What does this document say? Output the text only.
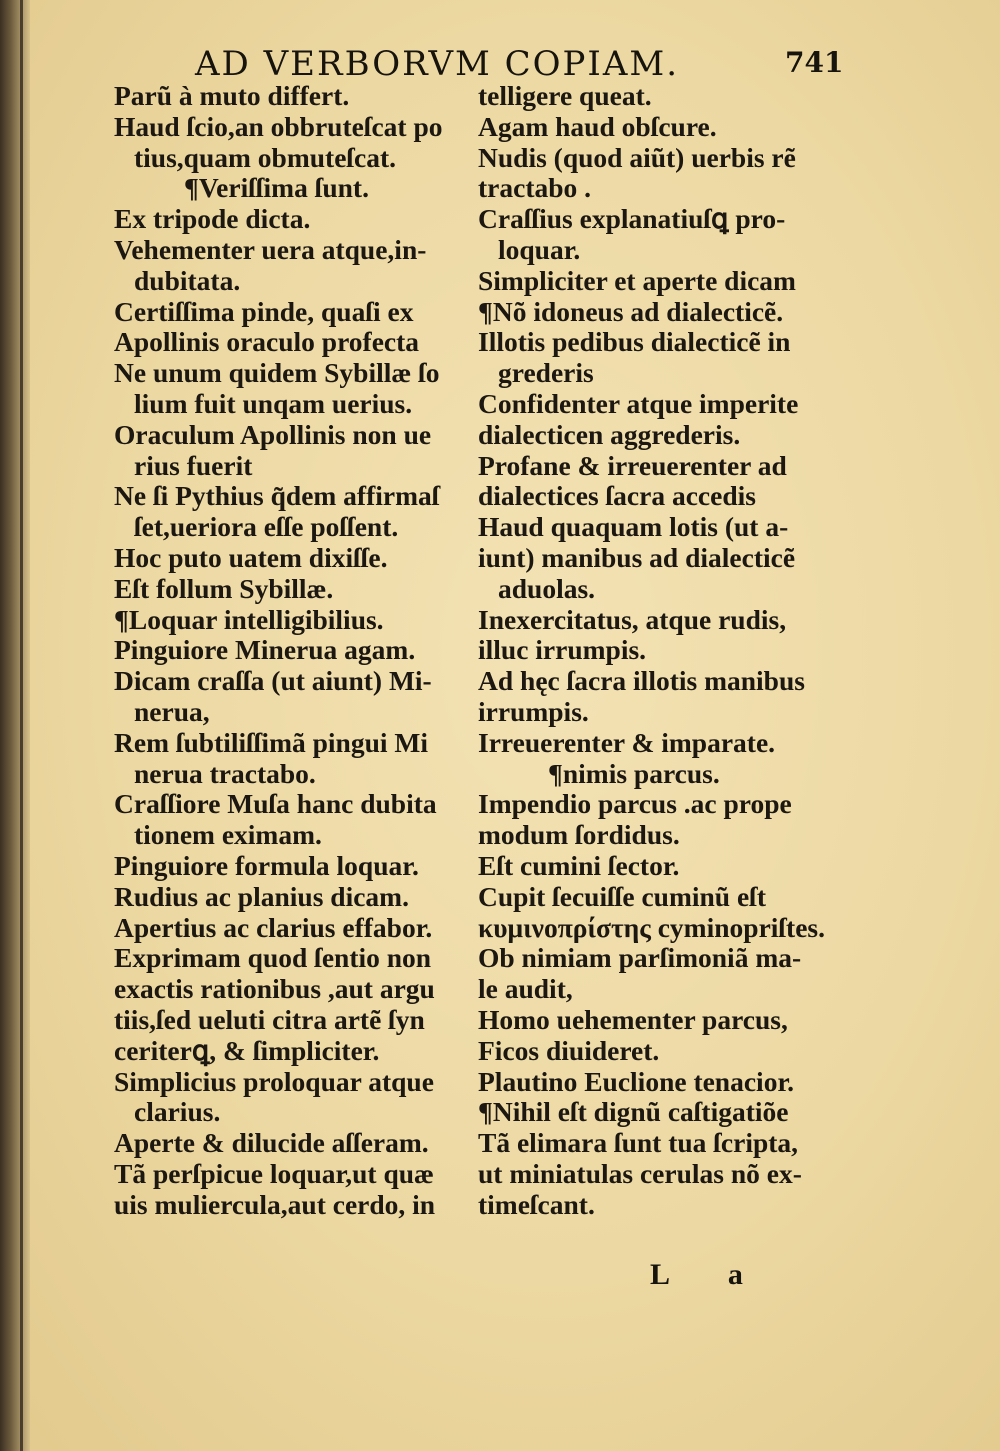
AD VERBORVM COPIAM.	741
Parũ à muto differt.
Haud ſcio,an obbruteſcat po
tius,quam obmuteſcat.
¶Veriſſima ſunt.
Ex tripode dicta.
Vehementer uera atque,in-
dubitata.
Certiſſima pinde, quaſi ex
Apollinis oraculo profecta
Ne unum quidem Sybillæ ſo
lium fuit unqam uerius.
Oraculum Apollinis non ue
rius fuerit
Ne ſi Pythius q̃dem affirmaſ
ſet,ueriora eſſe poſſent.
Hoc puto uatem dixiſſe.
Eſt follum Sybillæ.
¶Loquar intelligibilius.
Pinguiore Minerua agam.
Dicam craſſa (ut aiunt) Mi-
nerua,
Rem ſubtiliſſimã pingui Mi
nerua tractabo.
Craſſiore Muſa hanc dubita
tionem eximam.
Pinguiore formula loquar.
Rudius ac planius dicam.
Apertius ac clarius effabor.
Exprimam quod ſentio non
exactis rationibus ,aut argu
tiis,ſed ueluti citra artẽ ſyn
ceriterꝗ, & ſimpliciter.
Simplicius proloquar atque
clarius.
Aperte & dilucide aſſeram.
Tã perſpicue loquar,ut quæ
uis muliercula,aut cerdo, in
telligere queat.
Agam haud obſcure.
Nudis (quod aiũt) uerbis rẽ
tractabo .
Craſſius explanatiuſꝗ pro-
loquar.
Simpliciter et aperte dicam
¶Nõ idoneus ad dialecticẽ.
Illotis pedibus dialecticẽ in
grederis
Confidenter atque imperite
dialecticen aggrederis.
Profane & irreuerenter ad
dialectices ſacra accedis
Haud quaquam lotis (ut a-
iunt) manibus ad dialecticẽ
aduolas.
Inexercitatus, atque rudis,
illuc irrumpis.
Ad hęc ſacra illotis manibus
irrumpis.
Irreuerenter & imparate.
¶nimis parcus.
Impendio parcus .ac prope
modum ſordidus.
Eſt cumini ſector.
Cupit ſecuiſſe cuminũ eſt
κυμινοπρίστης cyminopriſtes.
Ob nimiam parſimoniã ma-
le audit,
Homo uehementer parcus,
Ficos diuideret.
Plautino Euclione tenacior.
¶Nihil eſt dignũ caſtigatiõe
Tã elimara ſunt tua ſcripta,
ut miniatulas cerulas nõ ex-
timeſcant.
L a
